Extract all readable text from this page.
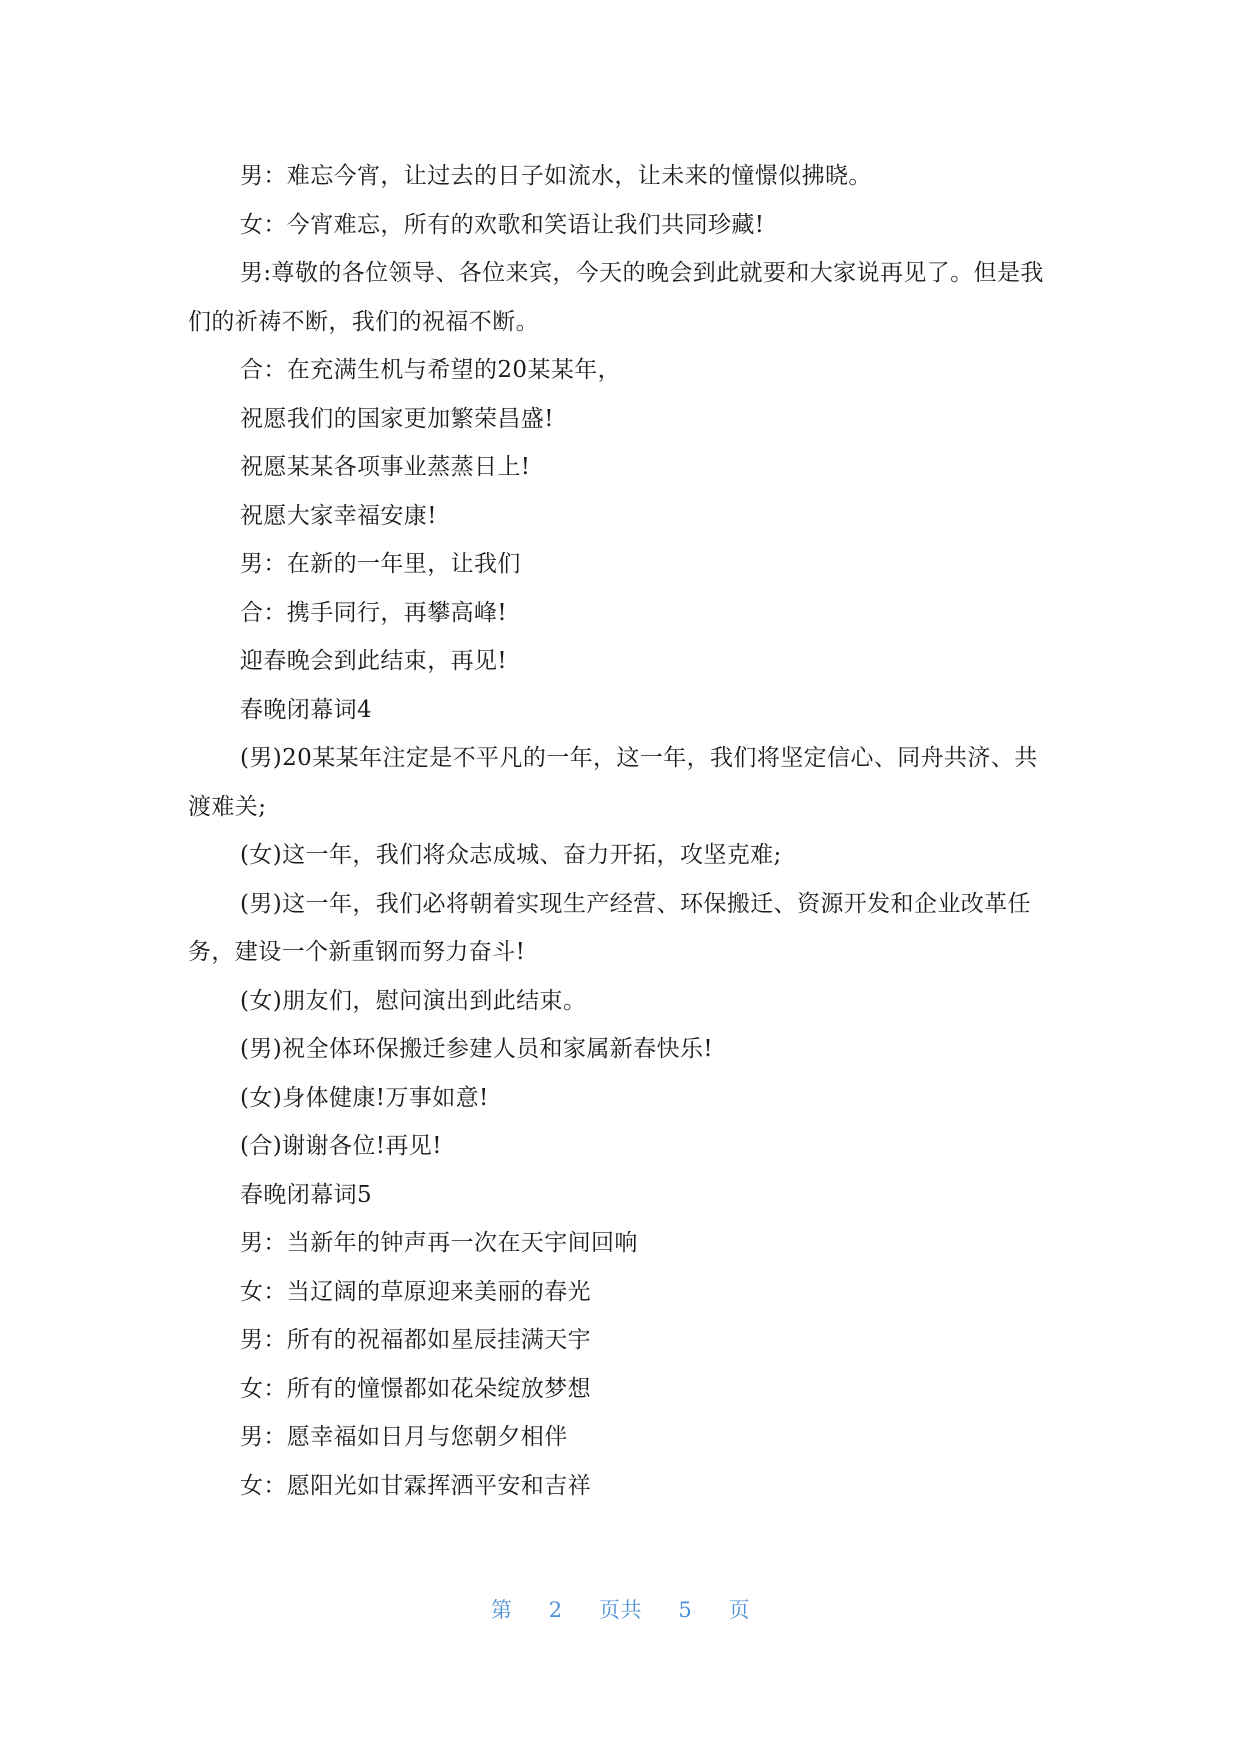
男：难忘今宵，让过去的日子如流水，让未来的憧憬似拂晓。

女：今宵难忘，所有的欢歌和笑语让我们共同珍藏!

男:尊敬的各位领导、各位来宾，今天的晚会到此就要和大家说再见了。但是我们的祈祷不断，我们的祝福不断。

合：在充满生机与希望的20某某年，

祝愿我们的国家更加繁荣昌盛!

祝愿某某各项事业蒸蒸日上!

祝愿大家幸福安康!

男：在新的一年里，让我们

合：携手同行，再攀高峰!

迎春晚会到此结束，再见!

春晚闭幕词4

(男)20某某年注定是不平凡的一年，这一年，我们将坚定信心、同舟共济、共渡难关;

(女)这一年，我们将众志成城、奋力开拓，攻坚克难;

(男)这一年，我们必将朝着实现生产经营、环保搬迁、资源开发和企业改革任务，建设一个新重钢而努力奋斗!

(女)朋友们，慰问演出到此结束。

(男)祝全体环保搬迁参建人员和家属新春快乐!

(女)身体健康!万事如意!

(合)谢谢各位!再见!

春晚闭幕词5

男：当新年的钟声再一次在天宇间回响

女：当辽阔的草原迎来美丽的春光

男：所有的祝福都如星辰挂满天宇

女：所有的憧憬都如花朵绽放梦想

男：愿幸福如日月与您朝夕相伴

女：愿阳光如甘霖挥洒平安和吉祥

第 2 页共 5 页
